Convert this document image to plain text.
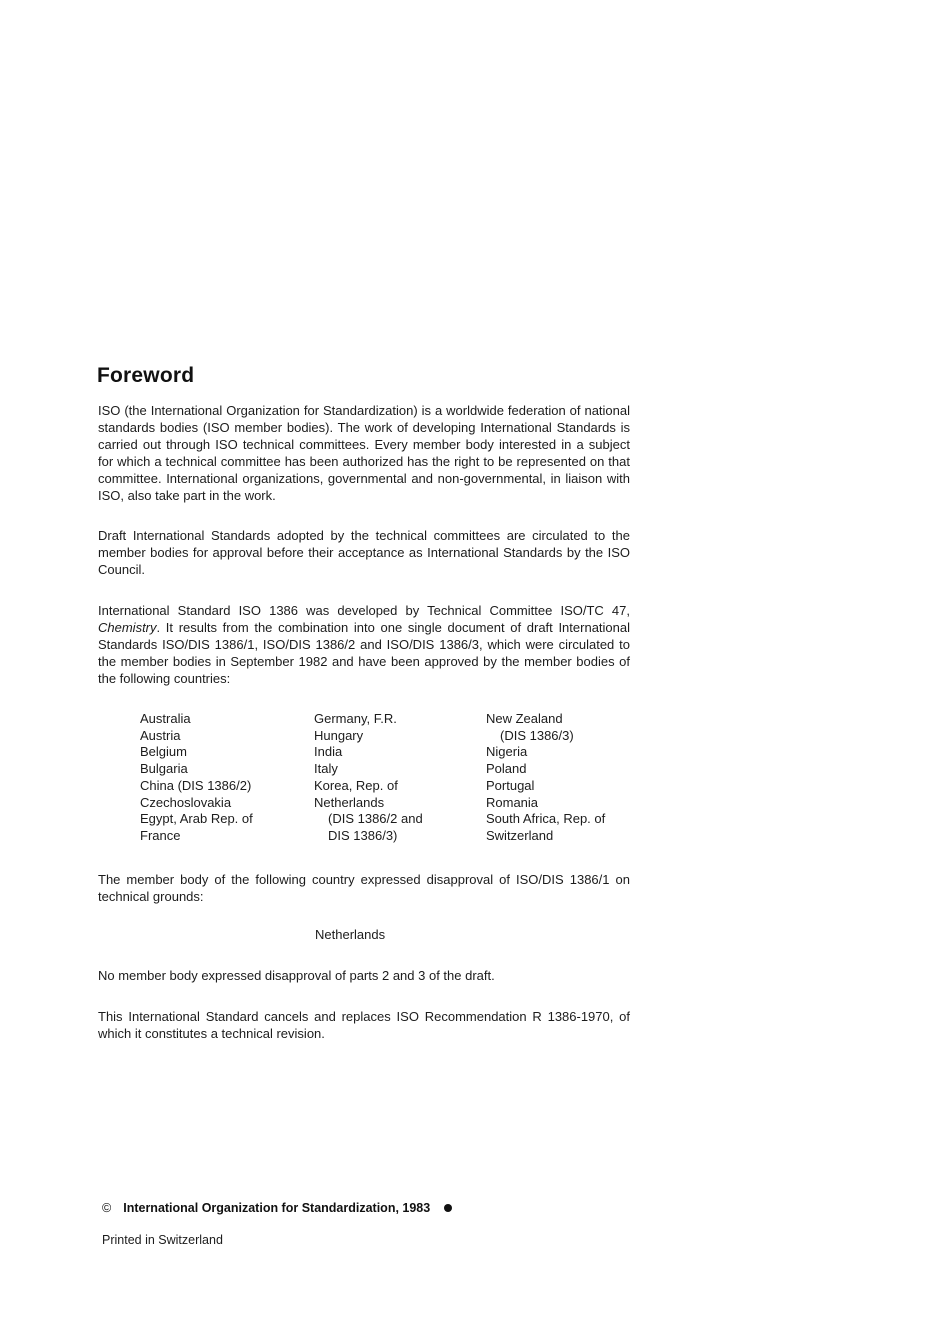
Foreword
ISO (the International Organization for Standardization) is a worldwide federation of national standards bodies (ISO member bodies). The work of developing International Standards is carried out through ISO technical committees. Every member body interested in a subject for which a technical committee has been authorized has the right to be represented on that committee. International organizations, governmental and non-governmental, in liaison with ISO, also take part in the work.
Draft International Standards adopted by the technical committees are circulated to the member bodies for approval before their acceptance as International Standards by the ISO Council.
International Standard ISO 1386 was developed by Technical Committee ISO/TC 47, Chemistry. It results from the combination into one single document of draft International Standards ISO/DIS 1386/1, ISO/DIS 1386/2 and ISO/DIS 1386/3, which were circulated to the member bodies in September 1982 and have been approved by the member bodies of the following countries:
Australia
Austria
Belgium
Bulgaria
China (DIS 1386/2)
Czechoslovakia
Egypt, Arab Rep. of
France
Germany, F.R.
Hungary
India
Italy
Korea, Rep. of
Netherlands
(DIS 1386/2 and
DIS 1386/3)
New Zealand
(DIS 1386/3)
Nigeria
Poland
Portugal
Romania
South Africa, Rep. of
Switzerland
The member body of the following country expressed disapproval of ISO/DIS 1386/1 on technical grounds:
Netherlands
No member body expressed disapproval of parts 2 and 3 of the draft.
This International Standard cancels and replaces ISO Recommendation R 1386-1970, of which it constitutes a technical revision.
© International Organization for Standardization, 1983
Printed in Switzerland
